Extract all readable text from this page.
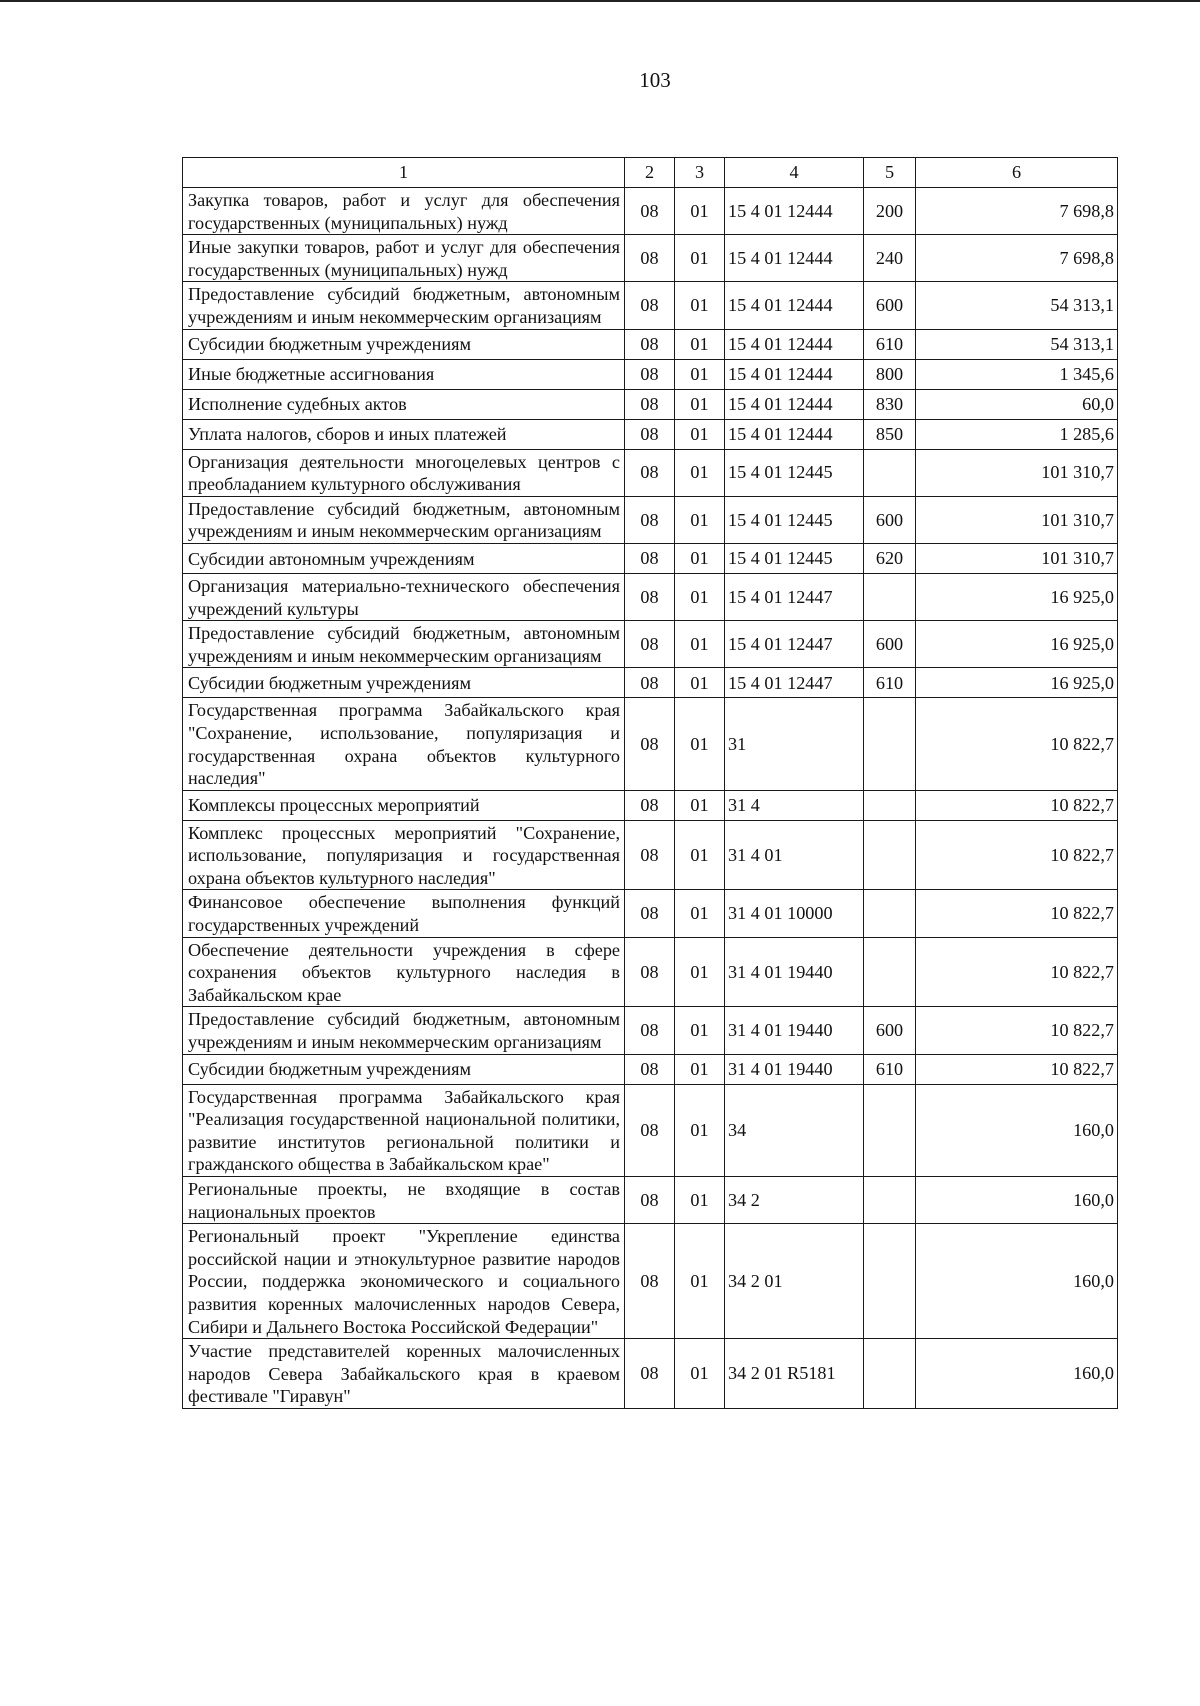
103
1	2	3	4	5	6
Закупка товаров, работ и услуг для обеспечения государственных (муниципальных) нужд	08	01	15 4 01 12444	200	7 698,8
Иные закупки товаров, работ и услуг для обеспечения государственных (муниципальных) нужд	08	01	15 4 01 12444	240	7 698,8
Предоставление субсидий бюджетным, автономным учреждениям и иным некоммерческим организациям	08	01	15 4 01 12444	600	54 313,1
Субсидии бюджетным учреждениям	08	01	15 4 01 12444	610	54 313,1
Иные бюджетные ассигнования	08	01	15 4 01 12444	800	1 345,6
Исполнение судебных актов	08	01	15 4 01 12444	830	60,0
Уплата налогов, сборов и иных платежей	08	01	15 4 01 12444	850	1 285,6
Организация деятельности многоцелевых центров с преобладанием культурного обслуживания	08	01	15 4 01 12445		101 310,7
Предоставление субсидий бюджетным, автономным учреждениям и иным некоммерческим организациям	08	01	15 4 01 12445	600	101 310,7
Субсидии автономным учреждениям	08	01	15 4 01 12445	620	101 310,7
Организация материально-технического обеспечения учреждений культуры	08	01	15 4 01 12447		16 925,0
Предоставление субсидий бюджетным, автономным учреждениям и иным некоммерческим организациям	08	01	15 4 01 12447	600	16 925,0
Субсидии бюджетным учреждениям	08	01	15 4 01 12447	610	16 925,0
Государственная программа Забайкальского края "Сохранение, использование, популяризация и государственная охрана объектов культурного наследия"	08	01	31		10 822,7
Комплексы процессных мероприятий	08	01	31 4		10 822,7
Комплекс процессных мероприятий "Сохранение, использование, популяризация и государственная охрана объектов культурного наследия"	08	01	31 4 01		10 822,7
Финансовое обеспечение выполнения функций государственных учреждений	08	01	31 4 01 10000		10 822,7
Обеспечение деятельности учреждения в сфере сохранения объектов культурного наследия в Забайкальском крае	08	01	31 4 01 19440		10 822,7
Предоставление субсидий бюджетным, автономным учреждениям и иным некоммерческим организациям	08	01	31 4 01 19440	600	10 822,7
Субсидии бюджетным учреждениям	08	01	31 4 01 19440	610	10 822,7
Государственная программа Забайкальского края "Реализация государственной национальной политики, развитие институтов региональной политики и гражданского общества в Забайкальском крае"	08	01	34		160,0
Региональные проекты, не входящие в состав национальных проектов	08	01	34 2		160,0
Региональный проект "Укрепление единства российской нации и этнокультурное развитие народов России, поддержка экономического и социального развития коренных малочисленных народов Севера, Сибири и Дальнего Востока Российской Федерации"	08	01	34 2 01		160,0
Участие представителей коренных малочисленных народов Севера Забайкальского края в краевом фестивале "Гиравун"	08	01	34 2 01 R5181		160,0
